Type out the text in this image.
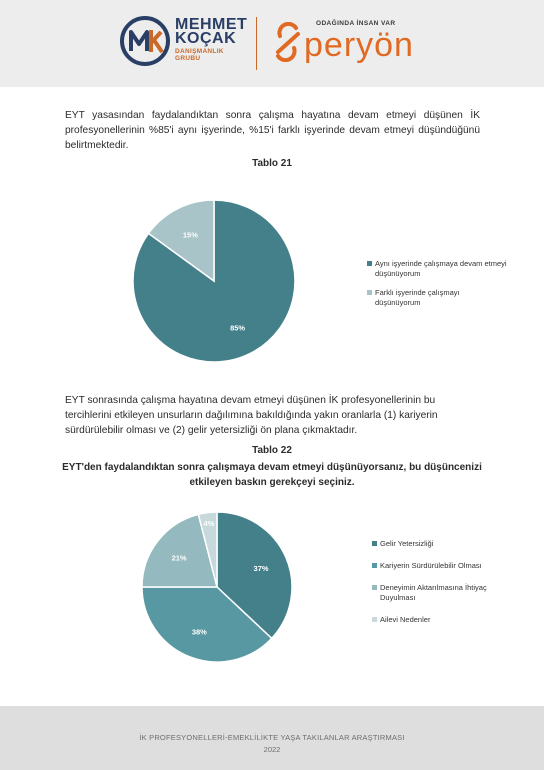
MEHMET
KOÇAK
DANIŞMANLIK
GRUBU
ODAĞINDA İNSAN VAR
peryön

EYT yasasından faydalandıktan sonra çalışma hayatına devam etmeyi düşünen İK profesyonellerinin %85'i aynı işyerinde, %15'i farklı işyerinde devam etmeyi düşündüğünü belirtmektedir.

Tablo 21
85%
15%
Aynı işyerinde çalışmaya devam etmeyi düşünüyorum
Farklı işyerinde çalışmayı düşünüyorum

EYT sonrasında çalışma hayatına devam etmeyi düşünen İK profesyonellerinin bu tercihlerini etkileyen unsurların dağılımına bakıldığında yakın oranlarla (1) kariyerin sürdürülebilir olması ve (2) gelir yetersizliği ön plana çıkmaktadır.

Tablo 22
EYT'den faydalandıktan sonra çalışmaya devam etmeyi düşünüyorsanız, bu düşüncenizi etkileyen baskın gerekçeyi seçiniz.
37%
38%
21%
4%
Gelir Yetersizliği
Kariyerin Sürdürülebilir Olması
Deneyimin Aktarılmasına İhtiyaç Duyulması
Ailevi Nedenler
İK PROFESYONELLERİ-EMEKLİLİKTE YAŞA TAKILANLAR ARAŞTIRMASI
2022
